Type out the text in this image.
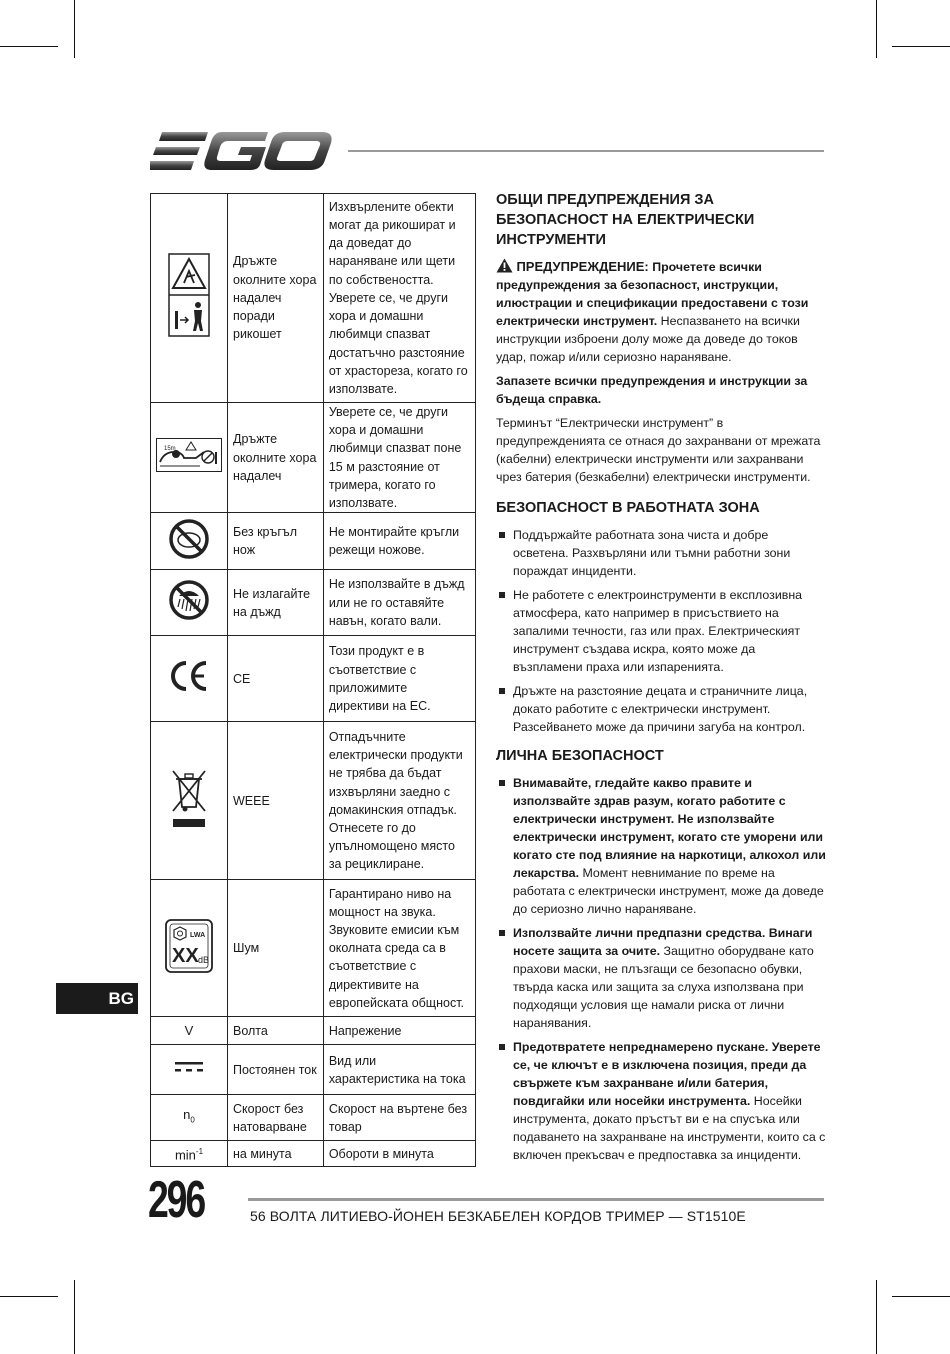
	Дръжте околните хора надалеч поради рикошет	Изхвърлените обекти могат да рикошират и да доведат до нараняване или щети по собствеността. Уверете се, че други хора и домашни любимци спазват достатъчно разстояние от храстореза, когато го използвате.

15m	Дръжте околните хора надалеч	Уверете се, че други хора и домашни любимци спазват поне 15 м разстояние от тримера, когато го използвате.
	Без кръгъл нож	Не монтирайте кръгли режещи ножове.
	Не излагайте на дъжд	Не използвайте в дъжд или не го оставяйте навън, когато вали.
	CE	Този продукт е в съответствие с приложимите директиви на ЕС.
	WEEE	Отпадъчните електрически продукти не трябва да бъдат изхвърляни заедно с домакинския отпадък. Отнесете го до упълномощено място за рециклиране.

LWA
XX dB	Шум	Гарантирано ниво на мощност на звука. Звуковите емисии към околната среда са в съответствие с директивите на европейската общност.
V	Волта	Напрежение
	Постоянен ток	Вид или характеристика на тока
$n_0$	Скорост без натоварване	Скорост на въртене без товар
$\min^{-1}$	на минута	Обороти в минута
ОБЩИ ПРЕДУПРЕЖДЕНИЯ ЗА БЕЗОПАСНОСТ НА ЕЛЕКТРИЧЕСКИ ИНСТРУМЕНТИ

ПРЕДУПРЕЖДЕНИЕ: Прочетете всички предупреждения за безопасност, инструкции, илюстрации и спецификации предоставени с този електрически инструмент. Неспазването на всички инструкции изброени долу може да доведе до токов удар, пожар и/или сериозно нараняване.

Запазете всички предупреждения и инструкции за бъдеща справка.

Терминът “Електрически инструмент” в предупрежденията се отнася до захранвани от мрежата (кабелни) електрически инструменти или захранвани чрез батерия (безкабелни) електрически инструменти.

БЕЗОПАСНОСТ В РАБОТНАТА ЗОНА
Поддържайте работната зона чиста и добре осветена. Разхвърляни или тъмни работни зони пораждат инциденти.
Не работете с електроинструменти в експлозивна атмосфера, като например в присъствието на запалими течности, газ или прах. Електрическият инструмент създава искра, която може да възпламени праха или изпаренията.
Дръжте на разстояние децата и страничните лица, докато работите с електрически инструмент. Разсейването може да причини загуба на контрол.
ЛИЧНА БЕЗОПАСНОСТ
Внимавайте, гледайте какво правите и използвайте здрав разум, когато работите с електрически инструмент. Не използвайте електрически инструмент, когато сте уморени или когато сте под влияние на наркотици, алкохол или лекарства. Момент невнимание по време на работата с електрически инструмент, може да доведе до сериозно лично нараняване.
Използвайте лични предпазни средства. Винаги носете защита за очите. Защитно оборудване като прахови маски, не плъзгащи се безопасно обувки, твърда каска или защита за слуха използвана при подходящи условия ще намали риска от лични наранявания.
Предотвратете непреднамерено пускане. Уверете се, че ключът е в изключена позиция, преди да свържете към захранване и/или батерия, повдигайки или носейки инструмента. Носейки инструмента, докато пръстът ви е на спусъка или подаването на захранване на инструменти, които са с включен прекъсвач е предпоставка за инциденти.
BG
296	56 ВОЛТА ЛИТИЕВО-ЙОНЕН БЕЗКАБЕЛЕН КОРДОВ ТРИМЕР — ST1510E
